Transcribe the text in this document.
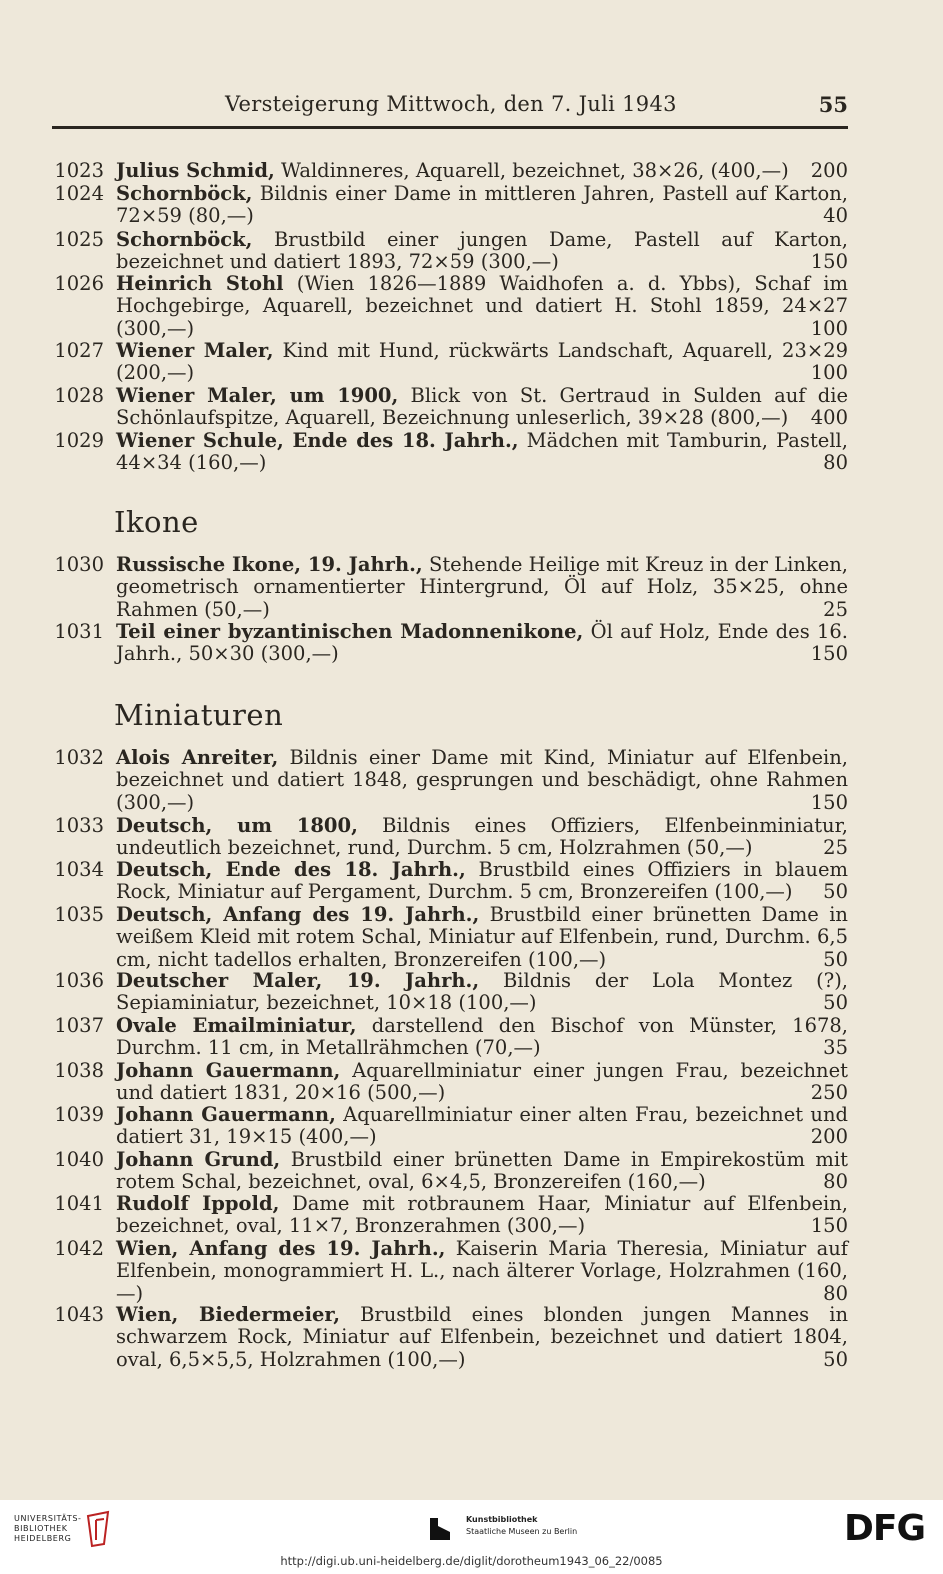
Versteigerung Mittwoch, den 7. Juli 1943	55
Ikone
Miniaturen
1023 Julius Schmid, Waldinneres, Aquarell, bezeichnet, 38×26, (400,—) 200
1024 Schornböck, Bildnis einer Dame in mittleren Jahren, Pastell auf Karton, 72×59 (80,—)	40
1025 Schornböck, Brustbild einer jungen Dame, Pastell auf Karton, bezeichnet und datiert 1893, 72×59 (300,—)	150
1026 Heinrich Stohl (Wien 1826—1889 Waidhofen a. d. Ybbs), Schaf im Hochgebirge, Aquarell, bezeichnet und datiert H. Stohl 1859, 24×27 (300,—)	100
1027 Wiener Maler, Kind mit Hund, rückwärts Landschaft, Aquarell, 23×29 (200,—)	100
1028 Wiener Maler, um 1900, Blick von St. Gertraud in Sulden auf die Schönlaufspitze, Aquarell, Bezeichnung unleserlich, 39×28 (800,—) 400
1029 Wiener Schule, Ende des 18. Jahrh., Mädchen mit Tamburin, Pastell, 44×34 (160,—)	80
1030 Russische Ikone, 19. Jahrh., Stehende Heilige mit Kreuz in der Linken, geometrisch ornamentierter Hintergrund, Öl auf Holz, 35×25, ohne Rahmen (50,—)	25
1031 Teil einer byzantinischen Madonnenikone, Öl auf Holz, Ende des 16. Jahrh., 50×30 (300,—)	150
1032 Alois Anreiter, Bildnis einer Dame mit Kind, Miniatur auf Elfenbein, bezeichnet und datiert 1848, gesprungen und beschädigt, ohne Rahmen (300,—)	150
1033 Deutsch, um 1800, Bildnis eines Offiziers, Elfenbeinminiatur, undeutlich bezeichnet, rund, Durchm. 5 cm, Holzrahmen (50,—)	25
1034 Deutsch, Ende des 18. Jahrh., Brustbild eines Offiziers in blauem Rock, Miniatur auf Pergament, Durchm. 5 cm, Bronzereifen (100,—) 50
1035 Deutsch, Anfang des 19. Jahrh., Brustbild einer brünetten Dame in weißem Kleid mit rotem Schal, Miniatur auf Elfenbein, rund, Durchm. 6,5 cm, nicht tadellos erhalten, Bronzereifen (100,—)	50
1036 Deutscher Maler, 19. Jahrh., Bildnis der Lola Montez (?), Sepiaminiatur, bezeichnet, 10×18 (100,—)	50
1037 Ovale Emailminiatur, darstellend den Bischof von Münster, 1678, Durchm. 11 cm, in Metallrähmchen (70,—)	35
1038 Johann Gauermann, Aquarellminiatur einer jungen Frau, bezeichnet und datiert 1831, 20×16 (500,—)	250
1039 Johann Gauermann, Aquarellminiatur einer alten Frau, bezeichnet und datiert 31, 19×15 (400,—)	200
1040 Johann Grund, Brustbild einer brünetten Dame in Empirekostüm mit rotem Schal, bezeichnet, oval, 6×4,5, Bronzereifen (160,—)	80
1041 Rudolf Ippold, Dame mit rotbraunem Haar, Miniatur auf Elfenbein, bezeichnet, oval, 11×7, Bronzerahmen (300,—)	150
1042 Wien, Anfang des 19. Jahrh., Kaiserin Maria Theresia, Miniatur auf Elfenbein, monogrammiert H. L., nach älterer Vorlage, Holzrahmen (160,—)	80
1043 Wien, Biedermeier, Brustbild eines blonden jungen Mannes in schwarzem Rock, Miniatur auf Elfenbein, bezeichnet und datiert 1804, oval, 6,5×5,5, Holzrahmen (100,—)	50
UNIVERSITÄTS-
BIBLIOTHEK
HEIDELBERG
Kunstbibliothek
Staatliche Museen zu Berlin	DFG
http://digi.ub.uni-heidelberg.de/diglit/dorotheum1943_06_22/0085
